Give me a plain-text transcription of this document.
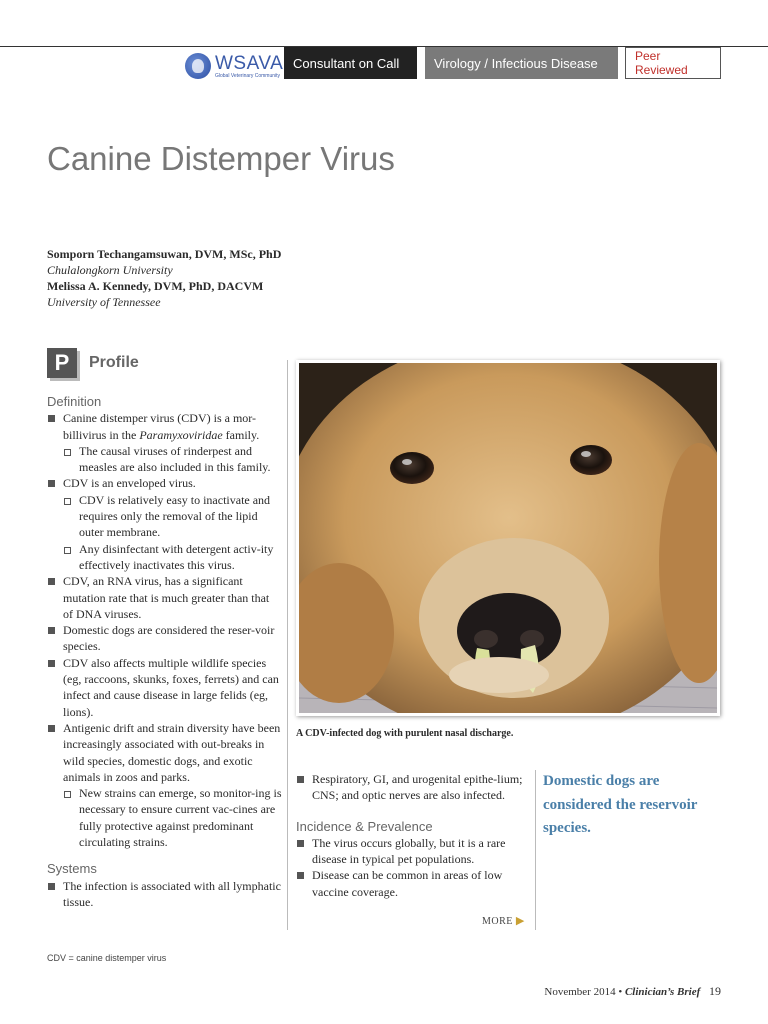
WSAVA
Global Veterinary Community
Consultant on Call	Virology / Infectious Disease	Peer Reviewed
Canine Distemper Virus
Somporn Techangamsuwan, DVM, MSc, PhD
Chulalongkorn University
Melissa A. Kennedy, DVM, PhD, DACVM
University of Tennessee
P	Profile
Definition
Canine distemper virus (CDV) is a mor-billivirus in the Paramyxoviridae family.
The causal viruses of rinderpest and measles are also included in this family.
CDV is an enveloped virus.
CDV is relatively easy to inactivate and requires only the removal of the lipid outer membrane.
Any disinfectant with detergent activ-ity effectively inactivates this virus.
CDV, an RNA virus, has a significant mutation rate that is much greater than that of DNA viruses.
Domestic dogs are considered the reser-voir species.
CDV also affects multiple wildlife species (eg, raccoons, skunks, foxes, ferrets) and can infect and cause disease in large felids (eg, lions).
Antigenic drift and strain diversity have been increasingly associated with out-breaks in wild species, domestic dogs, and exotic animals in zoos and parks.
New strains can emerge, so monitor-ing is necessary to ensure current vac-cines are fully protective against predominant circulating strains.
Systems
The infection is associated with all lymphatic tissue.
A CDV-infected dog with purulent nasal discharge.
Respiratory, GI, and urogenital epithe-lium; CNS; and optic nerves are also infected.
Incidence & Prevalence
The virus occurs globally, but it is a rare disease in typical pet populations.
Disease can be common in areas of low vaccine coverage.
MORE ▶
Domestic dogs are considered the reservoir species.
CDV = canine distemper virus
November 2014 • Clinician’s Brief 19
